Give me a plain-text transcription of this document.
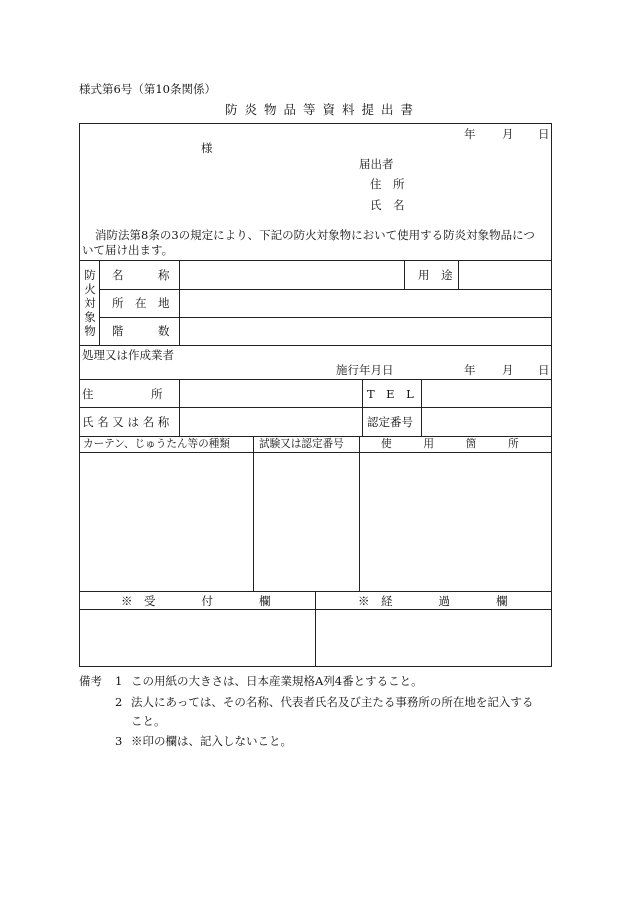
様式第6号（第10条関係）
防炎物品等資料提出書
年 月 日
様
届出者
住　所
氏　名
消防法第8条の3の規定により、下記の防火対象物において使用する防炎対象物品につ
いて届け出ます。
防
火
対
象
物
名　　　称	用　途
所　在　地
階　　　数
処理又は作成業者
施行年月日	年 月 日
住　　　　　所	T　E　L
氏 名 又 は 名 称	認定番号
カーテン、じゅうたん等の種類	試験又は認定番号	使　　　用　　　箇　　　所
※　受　　　　付　　　　欄	※　経　　　　過　　　　欄
備考 1 この用紙の大きさは、日本産業規格A列4番とすること。
2 法人にあっては、その名称、代表者氏名及び主たる事務所の所在地を記入する
こと。
3 ※印の欄は、記入しないこと。
